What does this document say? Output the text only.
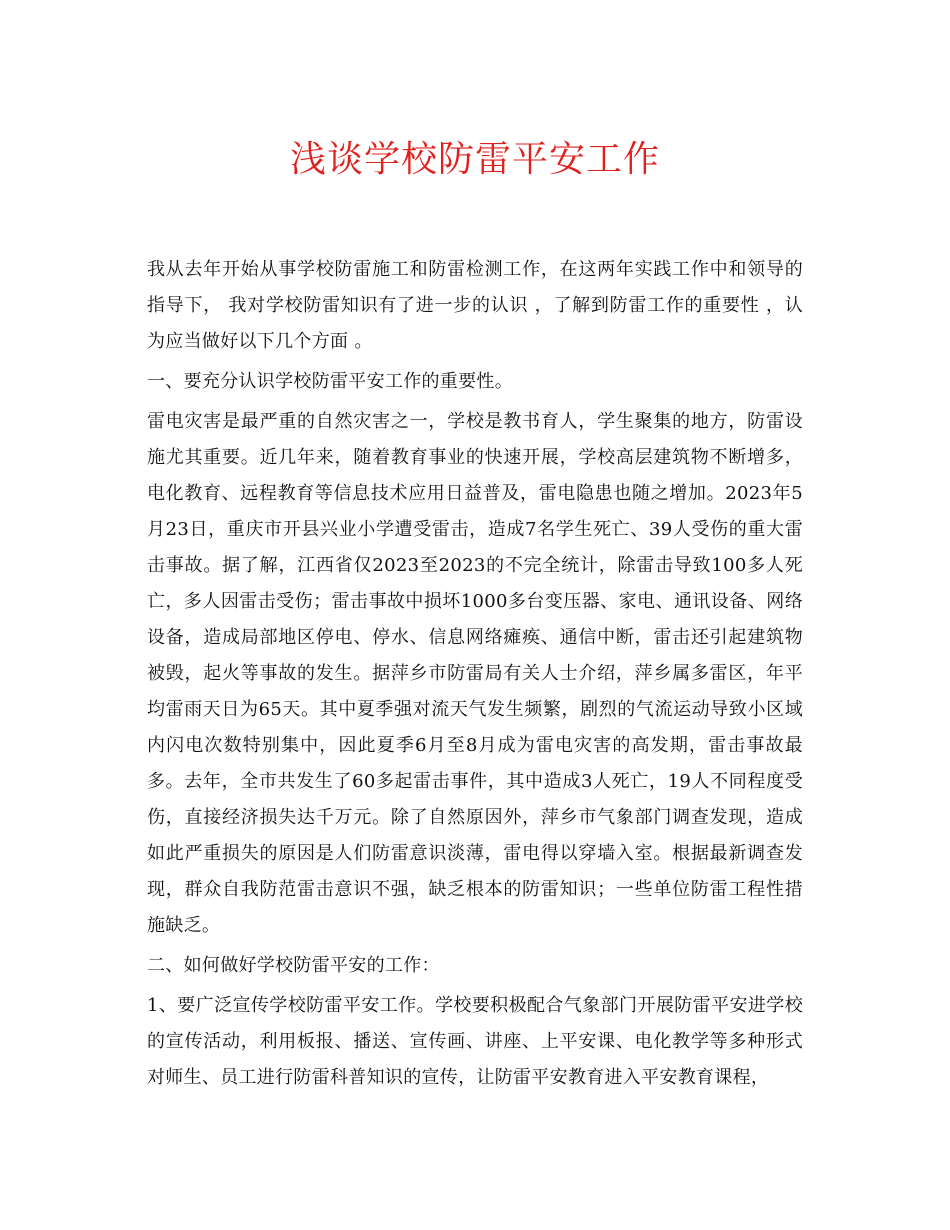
浅谈学校防雷平安工作

我从去年开始从事学校防雷施工和防雷检测工作，在这两年实践工作中和领导的指导下， 我对学校防雷知识有了进一步的认识 ，了解到防雷工作的重要性 ，认为应当做好以下几个方面 。

一、要充分认识学校防雷平安工作的重要性。

雷电灾害是最严重的自然灾害之一，学校是教书育人，学生聚集的地方，防雷设施尤其重要。近几年来，随着教育事业的快速开展，学校高层建筑物不断增多，电化教育、远程教育等信息技术应用日益普及，雷电隐患也随之增加。2023年5月23日，重庆市开县兴业小学遭受雷击，造成7名学生死亡、39人受伤的重大雷击事故。据了解，江西省仅2023至2023的不完全统计，除雷击导致100多人死亡，多人因雷击受伤；雷击事故中损坏1000多台变压器、家电、通讯设备、网络设备，造成局部地区停电、停水、信息网络瘫痪、通信中断，雷击还引起建筑物被毁，起火等事故的发生。据萍乡市防雷局有关人士介绍，萍乡属多雷区，年平均雷雨天日为65天。其中夏季强对流天气发生频繁，剧烈的气流运动导致小区域内闪电次数特别集中，因此夏季6月至8月成为雷电灾害的高发期，雷击事故最多。去年，全市共发生了60多起雷击事件，其中造成3人死亡，19人不同程度受伤，直接经济损失达千万元。除了自然原因外，萍乡市气象部门调查发现，造成如此严重损失的原因是人们防雷意识淡薄，雷电得以穿墙入室。根据最新调查发现，群众自我防范雷击意识不强，缺乏根本的防雷知识；一些单位防雷工程性措施缺乏。

二、如何做好学校防雷平安的工作：

1、要广泛宣传学校防雷平安工作。学校要积极配合气象部门开展防雷平安进学校的宣传活动，利用板报、播送、宣传画、讲座、上平安课、电化教学等多种形式对师生、员工进行防雷科普知识的宣传，让防雷平安教育进入平安教育课程，
